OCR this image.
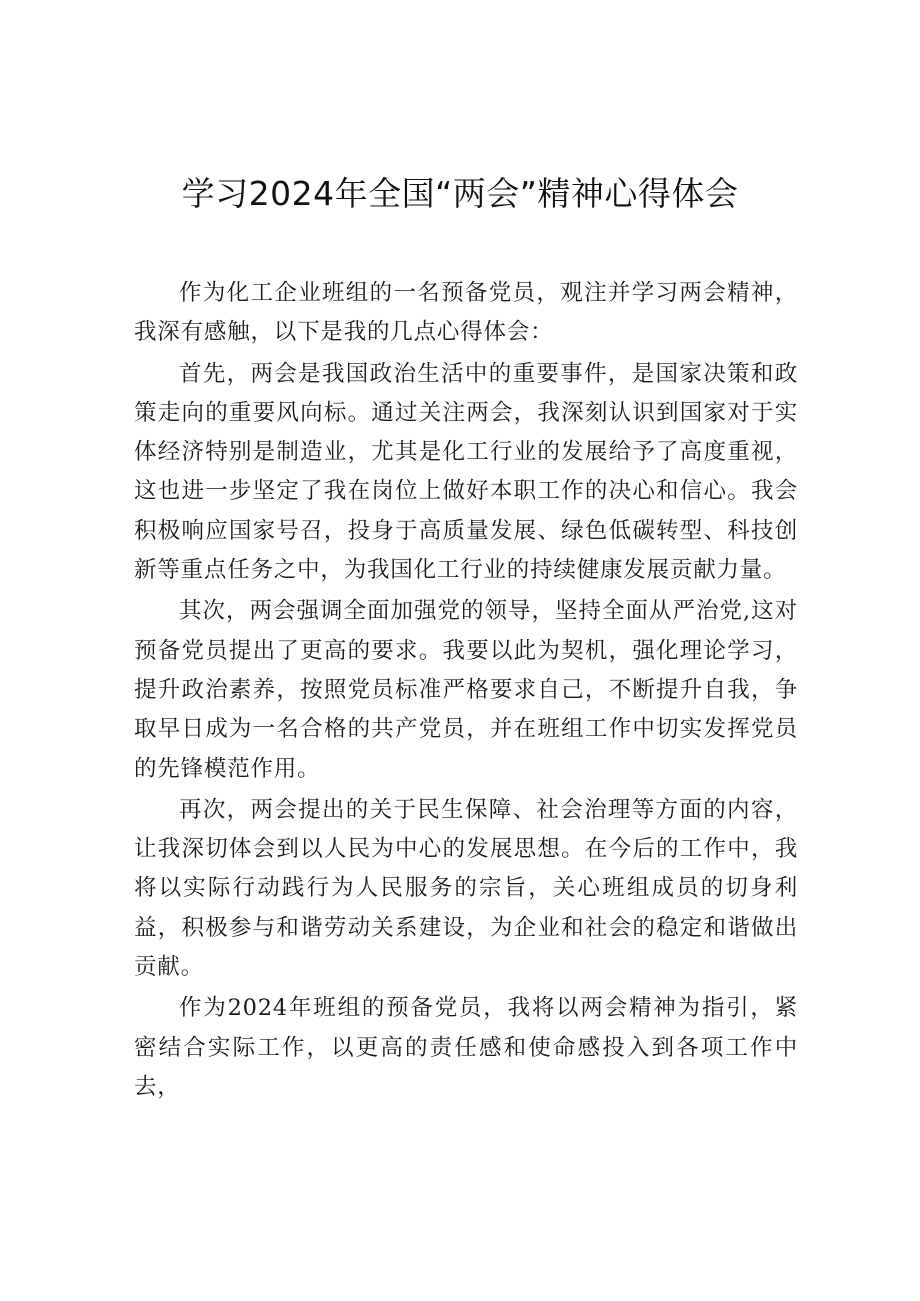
学习2024年全国“两会”精神心得体会

作为化工企业班组的一名预备党员，观注并学习两会精神，我深有感触，以下是我的几点心得体会：

首先，两会是我国政治生活中的重要事件，是国家决策和政策走向的重要风向标。通过关注两会，我深刻认识到国家对于实体经济特别是制造业，尤其是化工行业的发展给予了高度重视，这也进一步坚定了我在岗位上做好本职工作的决心和信心。我会积极响应国家号召，投身于高质量发展、绿色低碳转型、科技创新等重点任务之中，为我国化工行业的持续健康发展贡献力量。

其次，两会强调全面加强党的领导，坚持全面从严治党,这对预备党员提出了更高的要求。我要以此为契机，强化理论学习，提升政治素养，按照党员标准严格要求自己，不断提升自我，争取早日成为一名合格的共产党员，并在班组工作中切实发挥党员的先锋模范作用。

再次，两会提出的关于民生保障、社会治理等方面的内容，让我深切体会到以人民为中心的发展思想。在今后的工作中，我将以实际行动践行为人民服务的宗旨，关心班组成员的切身利益，积极参与和谐劳动关系建设，为企业和社会的稳定和谐做出贡献。

作为2024年班组的预备党员，我将以两会精神为指引，紧密结合实际工作，以更高的责任感和使命感投入到各项工作中去，
